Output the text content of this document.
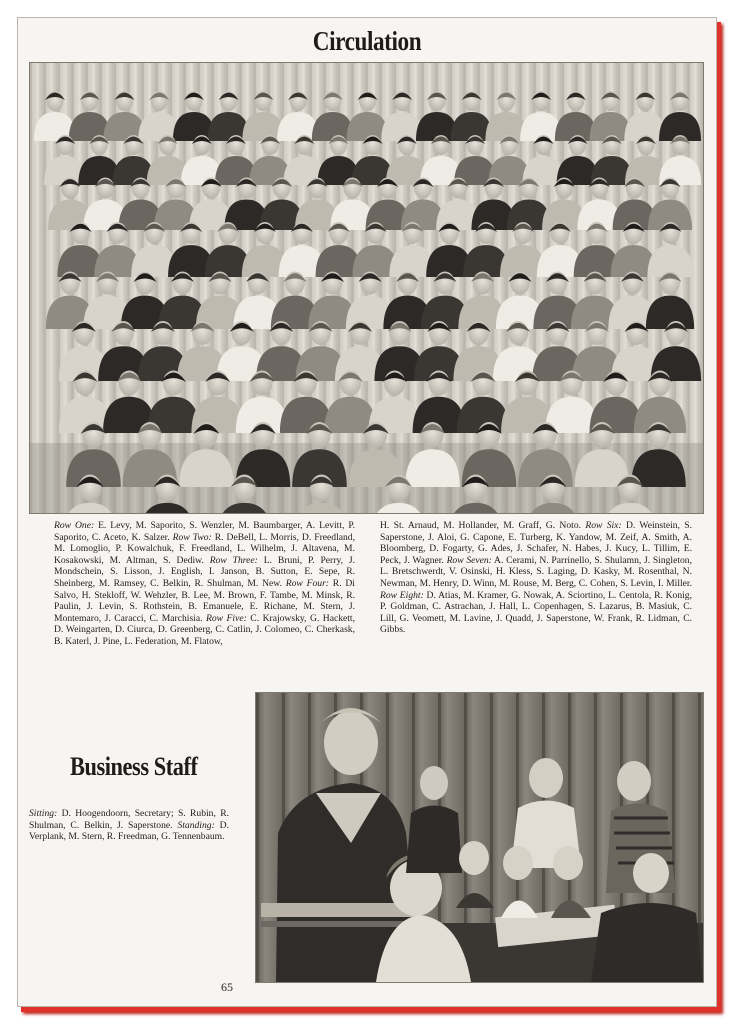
Circulation
Row One: E. Levy, M. Saporito, S. Wenzler, M. Baumbarger, A. Levitt, P. Saporito, C. Aceto, K. Salzer. Row Two: R. DeBell, L. Morris, D. Freedland, M. Lomoglio, P. Kowalchuk, F. Freedland, L. Wilhelm, J. Altavena, M. Kosakowski, M. Altman, S. Dediw. Row Three: L. Bruni, P. Perry, J. Mondschein, S. Lisson, J. English, I. Janson, B. Sutton, E. Sepe, R. Sheinberg, M. Ramsey, C. Belkin, R. Shulman, M. New. Row Four: R. Di Salvo, H. Stekloff, W. Wehzler, B. Lee, M. Brown, F. Tambe, M. Minsk, R. Paulin, J. Levin, S. Rothstein, B. Emanuele, E. Richane, M. Stern, J. Montemaro, J. Caracci, C. Marchisia. Row Five: C. Krajowsky, G. Hackett, D. Weingarten, D. Ciurca, D. Greenberg, C. Catlin, J. Colomeo, C. Cherkask, B. Katerl, J. Pine, L. Federation, M. Flatow,
H. St. Arnaud, M. Hollander, M. Graff, G. Noto. Row Six: D. Weinstein, S. Saperstone, J. Aloi, G. Capone, E. Turberg, K. Yandow, M. Zeif, A. Smith, A. Bloomberg, D. Fogarty, G. Ades, J. Schafer, N. Habes, J. Kucy, L. Tillim, E. Peck, J. Wagner. Row Seven: A. Cerami, N. Parrinello, S. Shulamn, J. Singleton, L. Bretschwerdt, V. Osinski, H. Kless, S. Laging, D. Kasky, M. Rosenthal, N. Newman, M. Henry, D. Winn, M. Rouse, M. Berg, C. Cohen, S. Levin, I. Miller. Row Eight: D. Atias, M. Kramer, G. Nowak, A. Sciortino, L. Centola, R. Konig, P. Goldman, C. Astrachan, J. Hall, L. Copenhagen, S. Lazarus, B. Masiuk, C. Lill, G. Veomett, M. Lavine, J. Quadd, J. Saperstone, W. Frank, R. Lidman, C. Gibbs.
Business Staff
Sitting: D. Hoogendoorn, Secretary; S. Rubin, R. Shulman, C. Belkin, J. Saperstone. Standing: D. Verplank, M. Stern, R. Freedman, G. Tennenbaum.
65
